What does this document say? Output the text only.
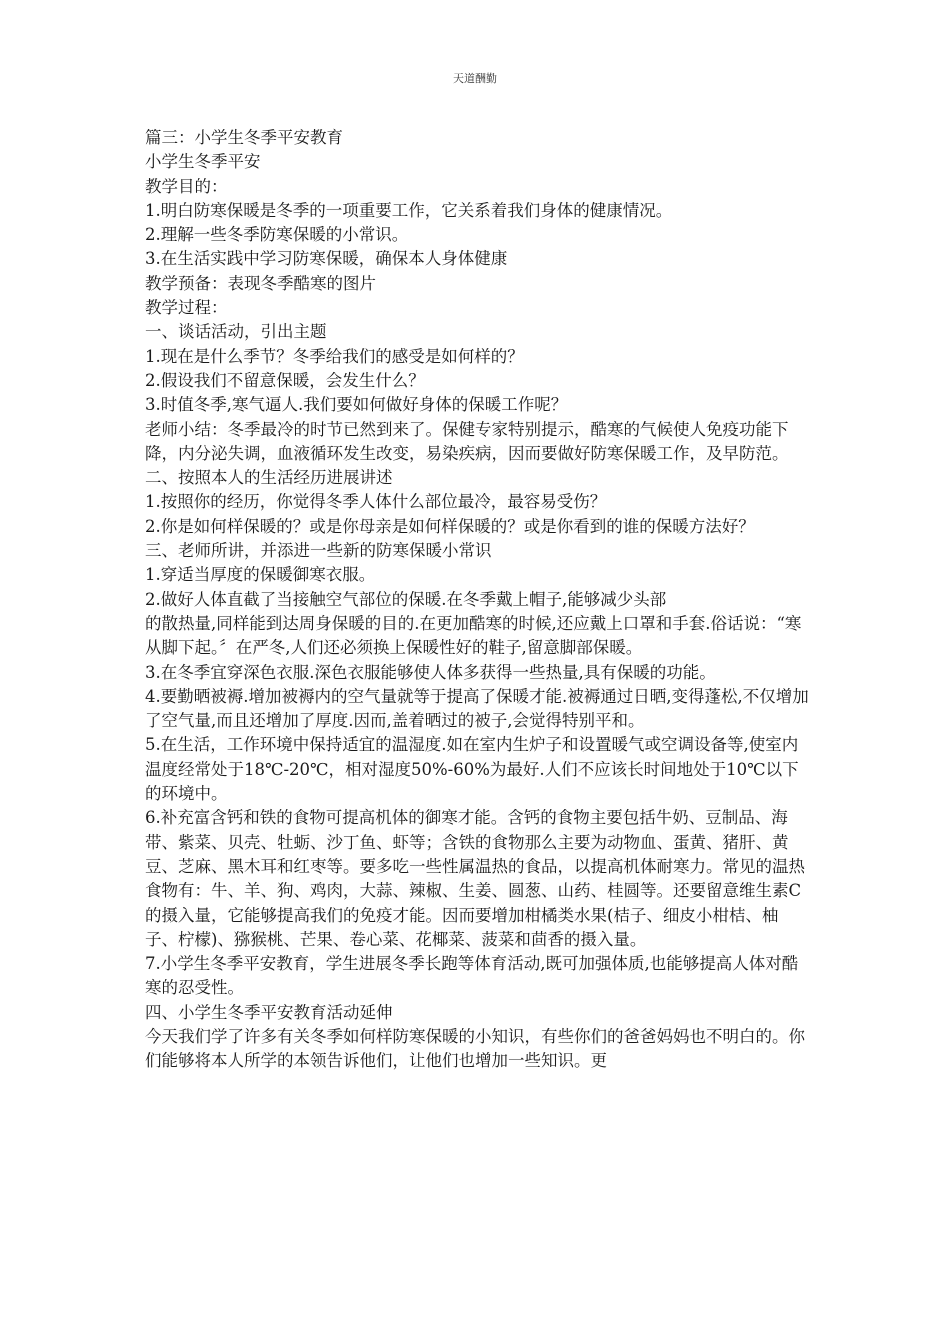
天道酬勤

篇三：小学生冬季平安教育

小学生冬季平安

教学目的：

1.明白防寒保暖是冬季的一项重要工作，它关系着我们身体的健康情况。

2.理解一些冬季防寒保暖的小常识。

3.在生活实践中学习防寒保暖，确保本人身体健康

教学预备：表现冬季酷寒的图片

教学过程：

一、谈话活动，引出主题

1.现在是什么季节？冬季给我们的感受是如何样的？

2.假设我们不留意保暖，会发生什么？

3.时值冬季,寒气逼人.我们要如何做好身体的保暖工作呢？

老师小结：冬季最冷的时节已然到来了。保健专家特别提示，酷寒的气候使人免疫功能下降，内分泌失调，血液循环发生改变，易染疾病，因而要做好防寒保暖工作，及早防范。

二、按照本人的生活经历进展讲述

1.按照你的经历，你觉得冬季人体什么部位最冷，最容易受伤？

2.你是如何样保暖的？或是你母亲是如何样保暖的？或是你看到的谁的保暖方法好？

三、老师所讲，并添进一些新的防寒保暖小常识

1.穿适当厚度的保暖御寒衣服。

2.做好人体直截了当接触空气部位的保暖.在冬季戴上帽子,能够减少头部

的散热量,同样能到达周身保暖的目的.在更加酷寒的时候,还应戴上口罩和手套.俗话说：“寒从脚下起。〞在严冬,人们还必须换上保暖性好的鞋子,留意脚部保暖。

3.在冬季宜穿深色衣服.深色衣服能够使人体多获得一些热量,具有保暖的功能。

4.要勤晒被褥.增加被褥内的空气量就等于提高了保暖才能.被褥通过日晒,变得蓬松,不仅增加了空气量,而且还增加了厚度.因而,盖着晒过的被子,会觉得特别平和。

5.在生活，工作环境中保持适宜的温湿度.如在室内生炉子和设置暖气或空调设备等,使室内温度经常处于18℃-20℃，相对湿度50%-60%为最好.人们不应该长时间地处于10℃以下的环境中。

6.补充富含钙和铁的食物可提高机体的御寒才能。含钙的食物主要包括牛奶、豆制品、海带、紫菜、贝壳、牡蛎、沙丁鱼、虾等；含铁的食物那么主要为动物血、蛋黄、猪肝、黄豆、芝麻、黑木耳和红枣等。要多吃一些性属温热的食品，以提高机体耐寒力。常见的温热食物有：牛、羊、狗、鸡肉，大蒜、辣椒、生姜、圆葱、山药、桂圆等。还要留意维生素C的摄入量，它能够提高我们的免疫才能。因而要增加柑橘类水果(桔子、细皮小柑桔、柚子、柠檬)、猕猴桃、芒果、卷心菜、花椰菜、菠菜和茴香的摄入量。

7.小学生冬季平安教育，学生进展冬季长跑等体育活动,既可加强体质,也能够提高人体对酷寒的忍受性。

四、小学生冬季平安教育活动延伸

今天我们学了许多有关冬季如何样防寒保暖的小知识，有些你们的爸爸妈妈也不明白的。你们能够将本人所学的本领告诉他们，让他们也增加一些知识。更
